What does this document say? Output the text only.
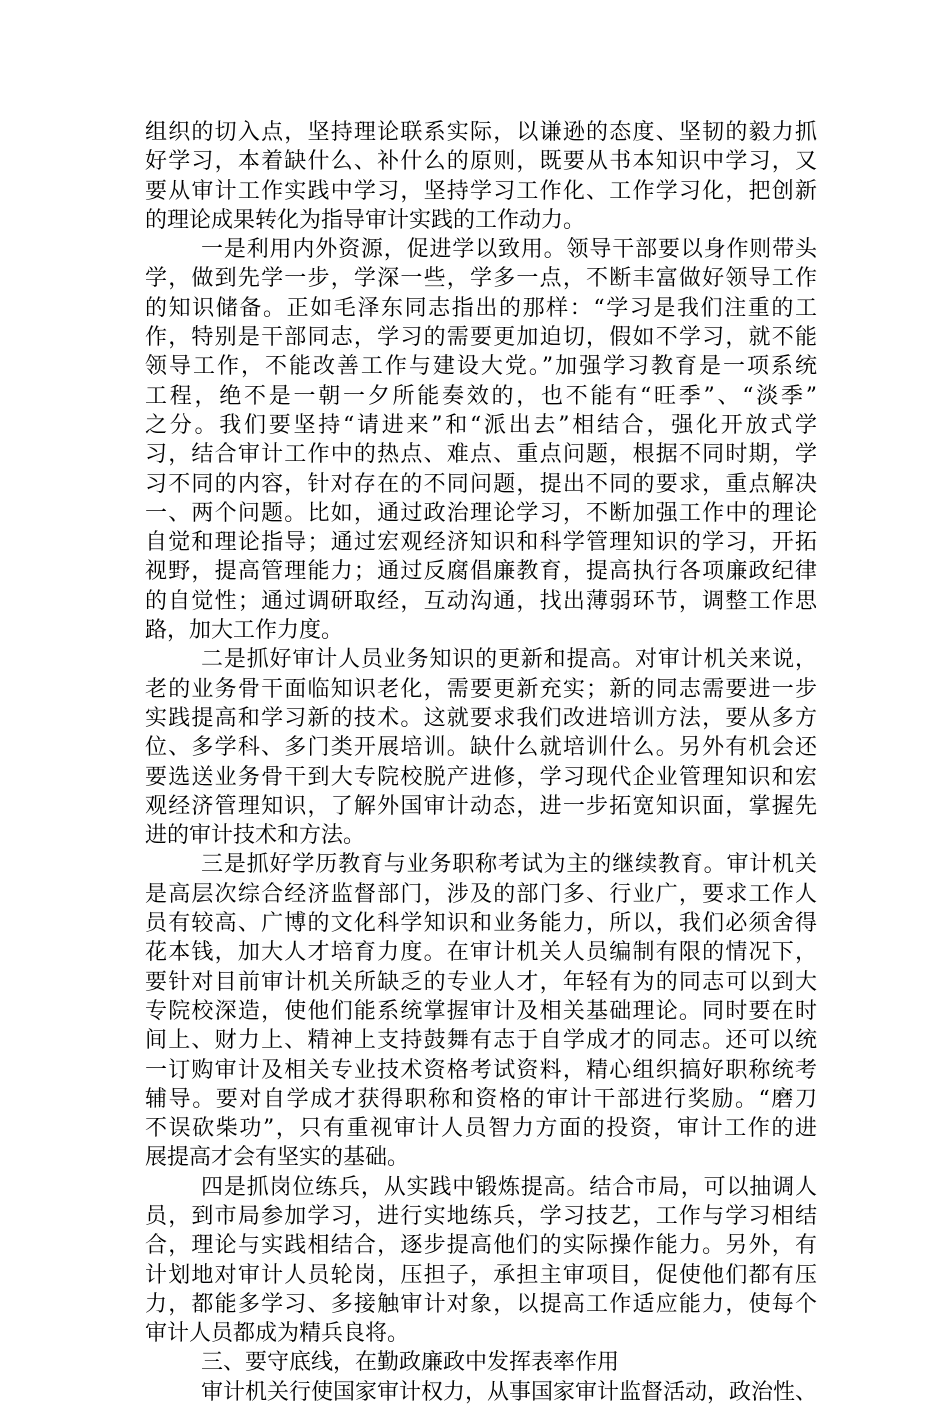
组织的切入点，坚持理论联系实际，以谦逊的态度、坚韧的毅力抓
好学习，本着缺什么、补什么的原则，既要从书本知识中学习，又
要从审计工作实践中学习，坚持学习工作化、工作学习化，把创新
的理论成果转化为指导审计实践的工作动力。
一是利用内外资源，促进学以致用。领导干部要以身作则带头
学，做到先学一步，学深一些，学多一点，不断丰富做好领导工作
的知识储备。正如毛泽东同志指出的那样：“学习是我们注重的工
作，特别是干部同志，学习的需要更加迫切，假如不学习，就不能
领导工作，不能改善工作与建设大党。”加强学习教育是一项系统
工程，绝不是一朝一夕所能奏效的，也不能有“旺季”、“淡季”
之分。我们要坚持“请进来”和“派出去”相结合，强化开放式学
习，结合审计工作中的热点、难点、重点问题，根据不同时期，学
习不同的内容，针对存在的不同问题，提出不同的要求，重点解决
一、两个问题。比如，通过政治理论学习，不断加强工作中的理论
自觉和理论指导；通过宏观经济知识和科学管理知识的学习，开拓
视野，提高管理能力；通过反腐倡廉教育，提高执行各项廉政纪律
的自觉性；通过调研取经，互动沟通，找出薄弱环节，调整工作思
路，加大工作力度。
二是抓好审计人员业务知识的更新和提高。对审计机关来说，
老的业务骨干面临知识老化，需要更新充实；新的同志需要进一步
实践提高和学习新的技术。这就要求我们改进培训方法，要从多方
位、多学科、多门类开展培训。缺什么就培训什么。另外有机会还
要选送业务骨干到大专院校脱产进修，学习现代企业管理知识和宏
观经济管理知识，了解外国审计动态，进一步拓宽知识面，掌握先
进的审计技术和方法。
三是抓好学历教育与业务职称考试为主的继续教育。审计机关
是高层次综合经济监督部门，涉及的部门多、行业广，要求工作人
员有较高、广博的文化科学知识和业务能力，所以，我们必须舍得
花本钱，加大人才培育力度。在审计机关人员编制有限的情况下，
要针对目前审计机关所缺乏的专业人才，年轻有为的同志可以到大
专院校深造，使他们能系统掌握审计及相关基础理论。同时要在时
间上、财力上、精神上支持鼓舞有志于自学成才的同志。还可以统
一订购审计及相关专业技术资格考试资料，精心组织搞好职称统考
辅导。要对自学成才获得职称和资格的审计干部进行奖励。“磨刀
不误砍柴功”，只有重视审计人员智力方面的投资，审计工作的进
展提高才会有坚实的基础。
四是抓岗位练兵，从实践中锻炼提高。结合市局，可以抽调人
员，到市局参加学习，进行实地练兵，学习技艺，工作与学习相结
合，理论与实践相结合，逐步提高他们的实际操作能力。另外，有
计划地对审计人员轮岗，压担子，承担主审项目，促使他们都有压
力，都能多学习、多接触审计对象，以提高工作适应能力，使每个
审计人员都成为精兵良将。
三、要守底线，在勤政廉政中发挥表率作用
审计机关行使国家审计权力，从事国家审计监督活动，政治性、
